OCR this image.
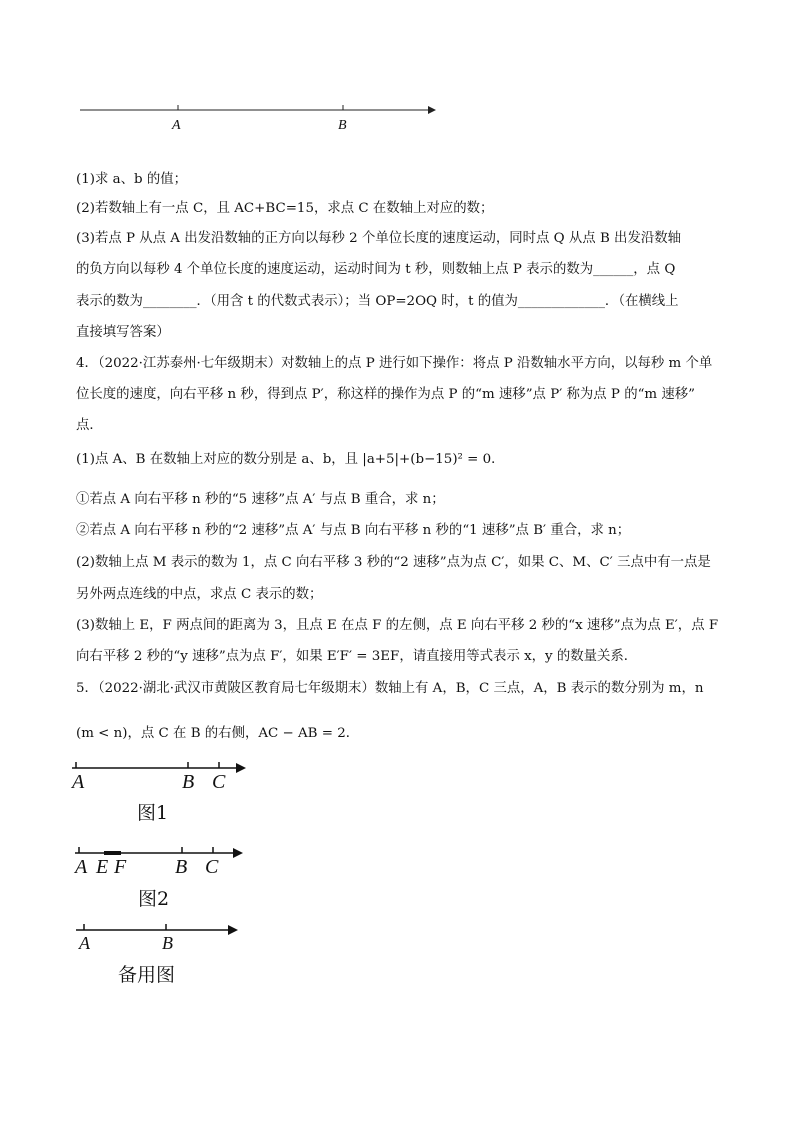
A	B
(1)求 a、b 的值；
(2)若数轴上有一点 C，且 AC+BC=15，求点 C 在数轴上对应的数；
(3)若点 P 从点 A 出发沿数轴的正方向以每秒 2 个单位长度的速度运动，同时点 Q 从点 B 出发沿数轴
的负方向以每秒 4 个单位长度的速度运动，运动时间为 t 秒，则数轴上点 P 表示的数为______，点 Q
表示的数为________．（用含 t 的代数式表示）；当 OP=2OQ 时，t 的值为_____________．（在横线上
直接填写答案）
4．（2022·江苏泰州·七年级期末）对数轴上的点 P 进行如下操作：将点 P 沿数轴水平方向，以每秒 m 个单
位长度的速度，向右平移 n 秒，得到点 P′，称这样的操作为点 P 的“m 速移”点 P′ 称为点 P 的“m 速移”
点．
(1)点 A、B 在数轴上对应的数分别是 a、b，且 |a+5|+(b−15)² = 0．
①若点 A 向右平移 n 秒的“5 速移”点 A′ 与点 B 重合，求 n；
②若点 A 向右平移 n 秒的“2 速移”点 A′ 与点 B 向右平移 n 秒的“1 速移”点 B′ 重合，求 n；
(2)数轴上点 M 表示的数为 1，点 C 向右平移 3 秒的“2 速移”点为点 C′，如果 C、M、C′ 三点中有一点是
另外两点连线的中点，求点 C 表示的数；
(3)数轴上 E，F 两点间的距离为 3，且点 E 在点 F 的左侧，点 E 向右平移 2 秒的“x 速移”点为点 E′，点 F
向右平移 2 秒的“y 速移”点为点 F′，如果 E′F′ = 3EF，请直接用等式表示 x，y 的数量关系．
5．（2022·湖北·武汉市黄陂区教育局七年级期末）数轴上有 A，B，C 三点，A，B 表示的数分别为 m，n
(m < n)，点 C 在 B 的右侧，AC − AB = 2．
A	B C
图1
A E F B C
图2
A	B
备用图
